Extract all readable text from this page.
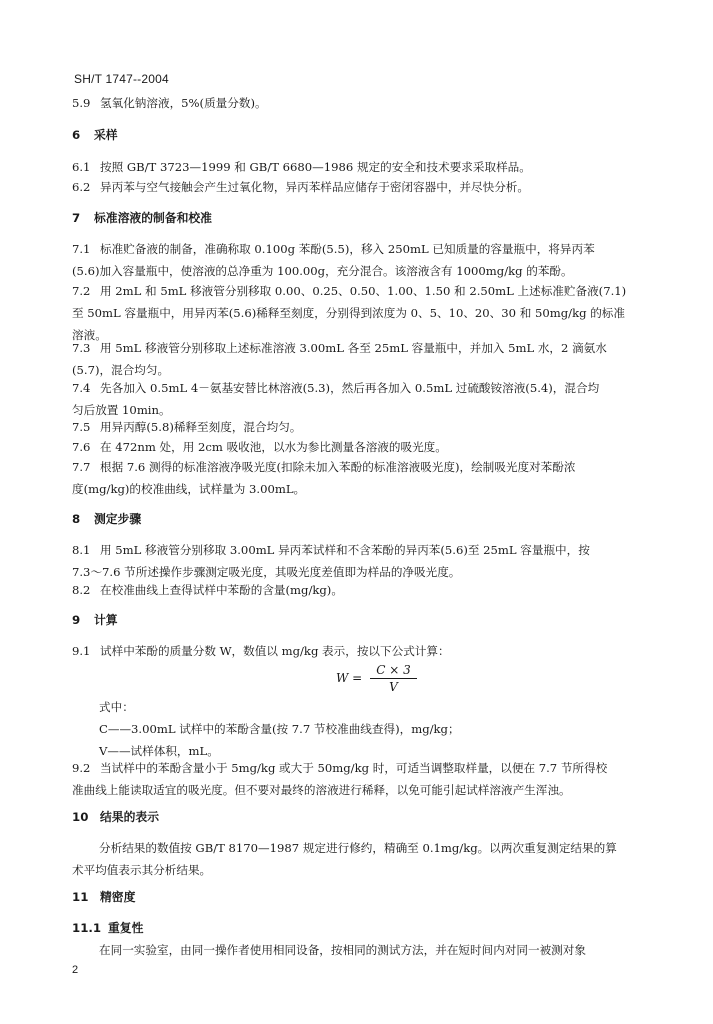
SH/T 1747--2004
5.9 氢氧化钠溶液，5%(质量分数)。
6 采样
6.1 按照 GB/T 3723—1999 和 GB/T 6680—1986 规定的安全和技术要求采取样品。
6.2 异丙苯与空气接触会产生过氧化物，异丙苯样品应储存于密闭容器中，并尽快分析。
7 标准溶液的制备和校准
7.1 标准贮备液的制备，准确称取 0.100g 苯酚(5.5)，移入 250mL 已知质量的容量瓶中，将异丙苯
(5.6)加入容量瓶中，使溶液的总净重为 100.00g，充分混合。该溶液含有 1000mg/kg 的苯酚。
7.2 用 2mL 和 5mL 移液管分别移取 0.00、0.25、0.50、1.00、1.50 和 2.50mL 上述标准贮备液(7.1)
至 50mL 容量瓶中，用异丙苯(5.6)稀释至刻度，分别得到浓度为 0、5、10、20、30 和 50mg/kg 的标准
溶液。
7.3 用 5mL 移液管分别移取上述标准溶液 3.00mL 各至 25mL 容量瓶中，并加入 5mL 水，2 滴氨水
(5.7)，混合均匀。
7.4 先各加入 0.5mL 4－氨基安替比林溶液(5.3)，然后再各加入 0.5mL 过硫酸铵溶液(5.4)，混合均
匀后放置 10min。
7.5 用异丙醇(5.8)稀释至刻度，混合均匀。
7.6 在 472nm 处，用 2cm 吸收池，以水为参比测量各溶液的吸光度。
7.7 根据 7.6 测得的标准溶液净吸光度(扣除未加入苯酚的标准溶液吸光度)，绘制吸光度对苯酚浓
度(mg/kg)的校准曲线，试样量为 3.00mL。
8 测定步骤
8.1 用 5mL 移液管分别移取 3.00mL 异丙苯试样和不含苯酚的异丙苯(5.6)至 25mL 容量瓶中，按
7.3～7.6 节所述操作步骤测定吸光度，其吸光度差值即为样品的净吸光度。
8.2 在校准曲线上查得试样中苯酚的含量(mg/kg)。
9 计算
9.1 试样中苯酚的质量分数 W，数值以 mg/kg 表示，按以下公式计算：
$W = \frac{C \times 3}{V}$
式中：
C——3.00mL 试样中的苯酚含量(按 7.7 节校准曲线查得)，mg/kg；
V——试样体积，mL。
9.2 当试样中的苯酚含量小于 5mg/kg 或大于 50mg/kg 时，可适当调整取样量，以便在 7.7 节所得校
准曲线上能读取适宜的吸光度。但不要对最终的溶液进行稀释，以免可能引起试样溶液产生浑浊。
10 结果的表示
分析结果的数值按 GB/T 8170—1987 规定进行修约，精确至 0.1mg/kg。以两次重复测定结果的算
术平均值表示其分析结果。
11 精密度
11.1 重复性
在同一实验室，由同一操作者使用相同设备，按相同的测试方法，并在短时间内对同一被测对象
2
